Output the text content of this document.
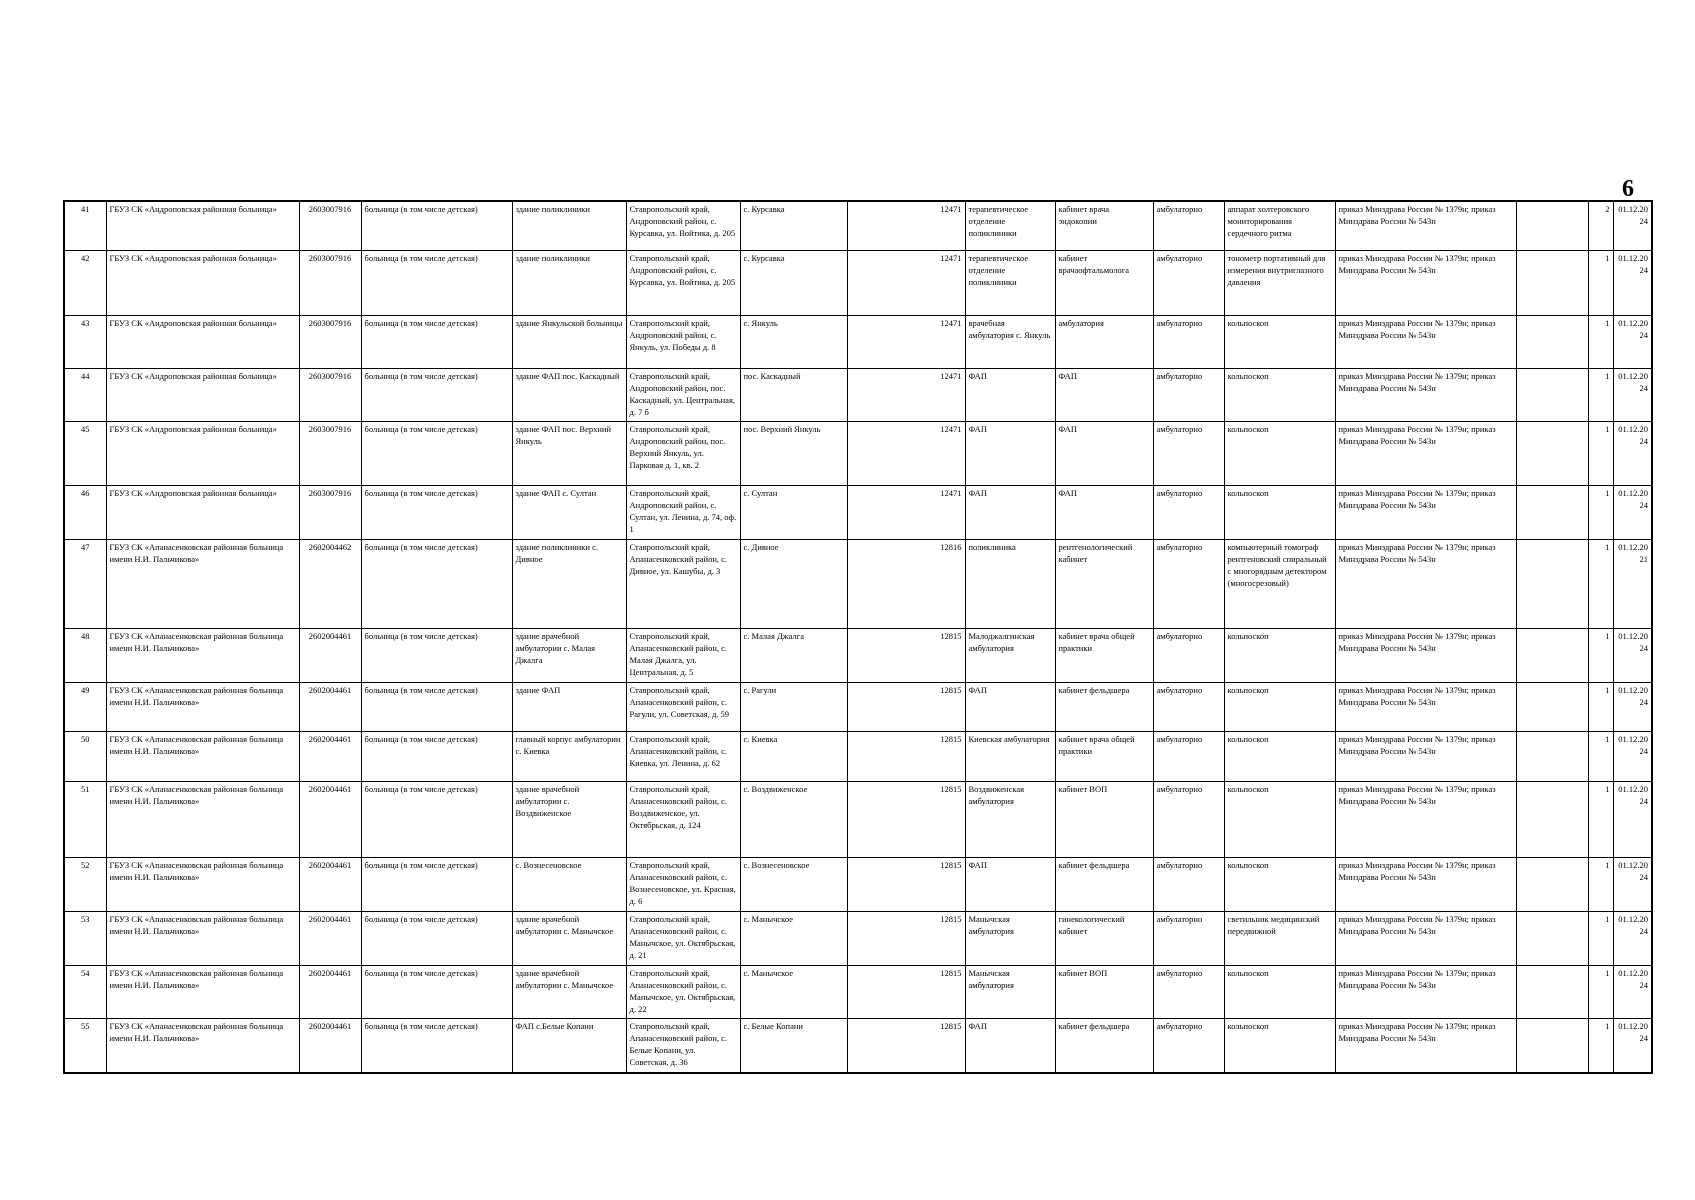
6
41	ГБУЗ СК «Андроповская районная больница»	2603007916	больница (в том числе детская)	здание поликлиники	Ставропольский край, Андроповский район, с. Курсавка, ул. Войтика, д. 205	с. Курсавка	12471	терапевтическое отделение поликлиники	кабинет врача эндокопии	амбулаторно	аппарат холтеровского мониторирования сердечного ритма	приказ Минздрава России № 1379н; приказ Минздрава России № 543н		2	01.12.2024
42	ГБУЗ СК «Андроповская районная больница»	2603007916	больница (в том числе детская)	здание поликлиники	Ставропольский край, Андроповский район, с. Курсавка, ул. Войтика, д. 205	с. Курсавка	12471	терапевтическое отделение поликлиники	кабинет врачаофтальмолога	амбулаторно	тонометр портативный для измерения внутриглазного давления	приказ Минздрава России № 1379н; приказ Минздрава России № 543н		1	01.12.2024
43	ГБУЗ СК «Андроповская районная больница»	2603007916	больница (в том числе детская)	здание Янкульской больницы	Ставропольский край, Андроповский район, с. Янкуль, ул. Победы д. 8	с. Янкуль	12471	врачебная амбулатория с. Янкуль	амбулатория	амбулаторно	кольпоскоп	приказ Минздрава России № 1379н; приказ Минздрава России № 543н		1	01.12.2024
44	ГБУЗ СК «Андроповская районная больница»	2603007916	больница (в том числе детская)	здание ФАП пос. Каскадный	Ставропольский край, Андроповский район, пос. Каскадный, ул. Центральная, д. 7 б	пос. Каскадный	12471	ФАП	ФАП	амбулаторно	кольпоскоп	приказ Минздрава России № 1379н; приказ Минздрава России № 543н		1	01.12.2024
45	ГБУЗ СК «Андроповская районная больница»	2603007916	больница (в том числе детская)	здание ФАП пос. Верхний Янкуль	Ставропольский край, Андроповский район, пос. Верхний Янкуль, ул. Парковая д. 1, кв. 2	пос. Верхний Янкуль	12471	ФАП	ФАП	амбулаторно	кольпоскоп	приказ Минздрава России № 1379н; приказ Минздрава России № 543н		1	01.12.2024
46	ГБУЗ СК «Андроповская районная больница»	2603007916	больница (в том числе детская)	здание ФАП с. Султан	Ставропольский край, Андроповский район, с. Султан, ул. Ленина, д. 74, оф. 1	с. Султан	12471	ФАП	ФАП	амбулаторно	кольпоскоп	приказ Минздрава России № 1379н; приказ Минздрава России № 543н		1	01.12.2024
47	ГБУЗ СК «Апанасенковская районная больница имени Н.И. Пальчикова»	2602004462	больница (в том числе детская)	здание поликлиники с. Дивное	Ставропольский край, Апанасенковский район, с. Дивное, ул. Кашубы, д. 3	с. Дивное	12816	поликлиника	рентгенологический кабинет	амбулаторно	компьютерный томограф рентгеновский спиральный с многорядным детектором (многосрезовый)	приказ Минздрава России № 1379н; приказ Минздрава России № 543н		1	01.12.2021
48	ГБУЗ СК «Апанасенковская районная больница имени Н.И. Пальчикова»	2602004461	больница (в том числе детская)	здание врачебной амбулатории с. Малая Джалга	Ставропольский край, Апанасенковский район, с. Малая Джалга, ул. Центральная, д. 5	с. Малая Джалга	12815	Малоджалгинская амбулатория	кабинет врача общей практики	амбулаторно	кольпоскоп	приказ Минздрава России № 1379н; приказ Минздрава России № 543н		1	01.12.2024
49	ГБУЗ СК «Апанасенковская районная больница имени Н.И. Пальчикова»	2602004461	больница (в том числе детская)	здание ФАП	Ставропольский край, Апанасенковский район, с. Рагули, ул. Советская, д. 59	с. Рагули	12815	ФАП	кабинет фельдшера	амбулаторно	кольпоскоп	приказ Минздрава России № 1379н; приказ Минздрава России № 543н		1	01.12.2024
50	ГБУЗ СК «Апанасенковская районная больница имени Н.И. Пальчикова»	2602004461	больница (в том числе детская)	главный корпус амбулатории с. Киевка	Ставропольский край, Апанасенковский район, с. Киевка, ул. Ленина, д. 62	с. Киевка	12815	Киевская амбулатория	кабинет врача общей практики	амбулаторно	кольпоскоп	приказ Минздрава России № 1379н; приказ Минздрава России № 543н		1	01.12.2024
51	ГБУЗ СК «Апанасенковская районная больница имени Н.И. Пальчикова»	2602004461	больница (в том числе детская)	здание врачебной амбулатории с. Воздвиженское	Ставропольский край, Апанасенковский район, с. Воздвиженское, ул. Октябрьская, д. 124	с. Воздвиженское	12815	Воздвиженская амбулатория	кабинет ВОП	амбулаторно	кольпоскоп	приказ Минздрава России № 1379н; приказ Минздрава России № 543н		1	01.12.2024
52	ГБУЗ СК «Апанасенковская районная больница имени Н.И. Пальчикова»	2602004461	больница (в том числе детская)	с. Вознесеновское	Ставропольский край, Апанасенковский район, с. Вознесеновское, ул. Красная, д. 6	с. Вознесеновское	12815	ФАП	кабинет фельдшера	амбулаторно	кольпоскоп	приказ Минздрава России № 1379н; приказ Минздрава России № 543н		1	01.12.2024
53	ГБУЗ СК «Апанасенковская районная больница имени Н.И. Пальчикова»	2602004461	больница (в том числе детская)	здание врачебной амбулатории с. Манычское	Ставропольский край, Апанасенковский район, с. Манычское, ул. Октябрьская, д. 21	с. Манычское	12815	Манычская амбулатория	гинекологический кабинет	амбулаторно	светильник медицинский передвижной	приказ Минздрава России № 1379н; приказ Минздрава России № 543н		1	01.12.2024
54	ГБУЗ СК «Апанасенковская районная больница имени Н.И. Пальчикова»	2602004461	больница (в том числе детская)	здание врачебной амбулатории с. Манычское	Ставропольский край, Апанасенковский район, с. Манычское, ул. Октябрьская, д. 22	с. Манычское	12815	Манычская амбулатория	кабинет ВОП	амбулаторно	кольпоскоп	приказ Минздрава России № 1379н; приказ Минздрава России № 543н		1	01.12.2024
55	ГБУЗ СК «Апанасенковская районная больница имени Н.И. Пальчикова»	2602004461	больница (в том числе детская)	ФАП с.Белые Копани	Ставропольский край, Апанасенковский район, с. Белые Копани, ул. Советская, д. 36	с. Белые Копани	12815	ФАП	кабинет фельдшера	амбулаторно	кольпоскоп	приказ Минздрава России № 1379н; приказ Минздрава России № 543н		1	01.12.2024
